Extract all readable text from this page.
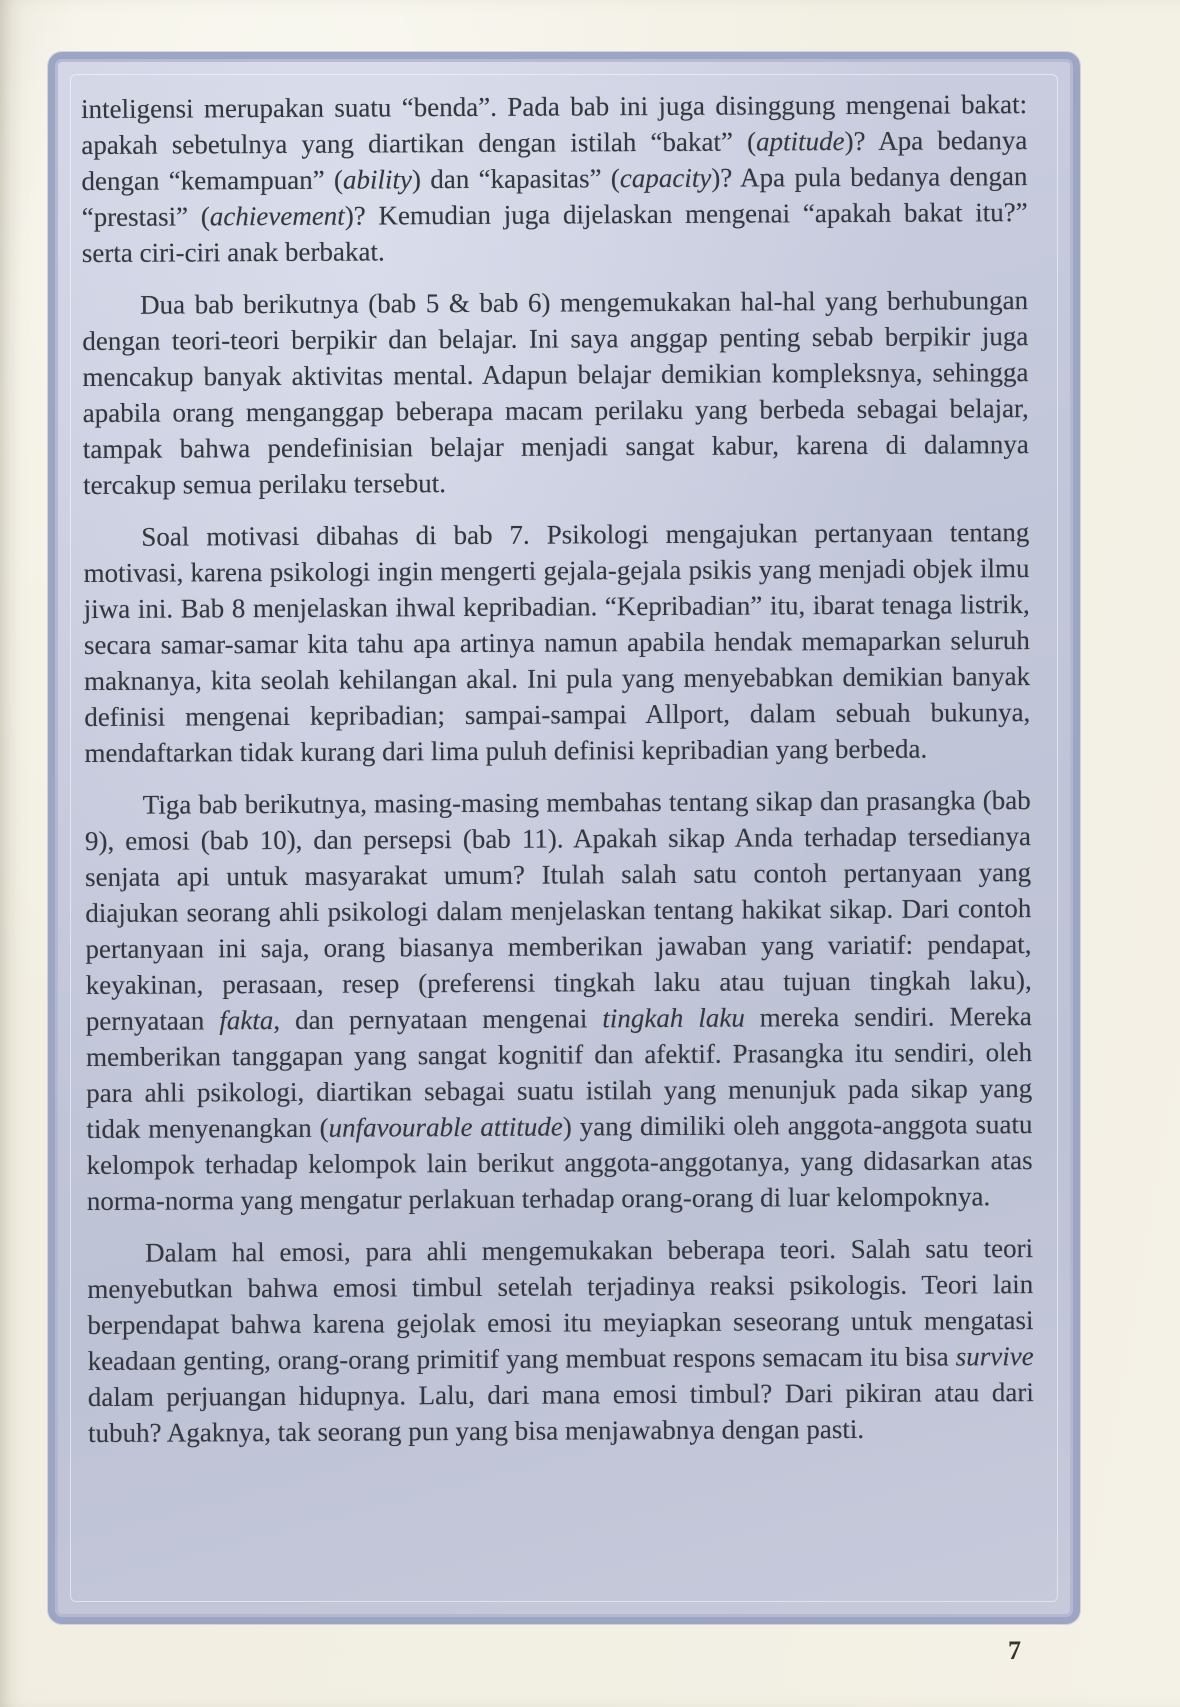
inteligensi merupakan suatu “benda”. Pada bab ini juga disinggung mengenai bakat: apakah sebetulnya yang diartikan dengan istilah “bakat” (aptitude)? Apa bedanya dengan “kemampuan” (ability) dan “kapasitas” (capacity)? Apa pula bedanya dengan “prestasi” (achievement)? Kemudian juga dijelaskan mengenai “apakah bakat itu?” serta ciri-ciri anak berbakat.

Dua bab berikutnya (bab 5 & bab 6) mengemukakan hal-hal yang berhubungan dengan teori-teori berpikir dan belajar. Ini saya anggap penting sebab berpikir juga mencakup banyak aktivitas mental. Adapun belajar demikian kompleksnya, sehingga apabila orang menganggap beberapa macam perilaku yang berbeda sebagai belajar, tampak bahwa pendefinisian belajar menjadi sangat kabur, karena di dalamnya tercakup semua perilaku tersebut.

Soal motivasi dibahas di bab 7. Psikologi mengajukan pertanyaan tentang motivasi, karena psikologi ingin mengerti gejala-gejala psikis yang menjadi objek ilmu jiwa ini. Bab 8 menjelaskan ihwal kepribadian. “Kepribadian” itu, ibarat tenaga listrik, secara samar-samar kita tahu apa artinya namun apabila hendak memaparkan seluruh maknanya, kita seolah kehilangan akal. Ini pula yang menyebabkan demikian banyak definisi mengenai kepribadian; sampai-sampai Allport, dalam sebuah bukunya, mendaftarkan tidak kurang dari lima puluh definisi kepribadian yang berbeda.

Tiga bab berikutnya, masing-masing membahas tentang sikap dan prasangka (bab 9), emosi (bab 10), dan persepsi (bab 11). Apakah sikap Anda terhadap tersedianya senjata api untuk masyarakat umum? Itulah salah satu contoh pertanyaan yang diajukan seorang ahli psikologi dalam menjelaskan tentang hakikat sikap. Dari contoh pertanyaan ini saja, orang biasanya memberikan jawaban yang variatif: pendapat, keyakinan, perasaan, resep (preferensi tingkah laku atau tujuan tingkah laku), pernyataan fakta, dan pernyataan mengenai tingkah laku mereka sendiri. Mereka memberikan tanggapan yang sangat kognitif dan afektif. Prasangka itu sendiri, oleh para ahli psikologi, diartikan sebagai suatu istilah yang menunjuk pada sikap yang tidak menyenangkan (unfavourable attitude) yang dimiliki oleh anggota-anggota suatu kelompok terhadap kelompok lain berikut anggota-anggotanya, yang didasarkan atas norma-norma yang mengatur perlakuan terhadap orang-orang di luar kelompoknya.

Dalam hal emosi, para ahli mengemukakan beberapa teori. Salah satu teori menyebutkan bahwa emosi timbul setelah terjadinya reaksi psikologis. Teori lain berpendapat bahwa karena gejolak emosi itu meyiapkan seseorang untuk mengatasi keadaan genting, orang-orang primitif yang membuat respons semacam itu bisa survive dalam perjuangan hidupnya. Lalu, dari mana emosi timbul? Dari pikiran atau dari tubuh? Agaknya, tak seorang pun yang bisa menjawabnya dengan pasti.

7
